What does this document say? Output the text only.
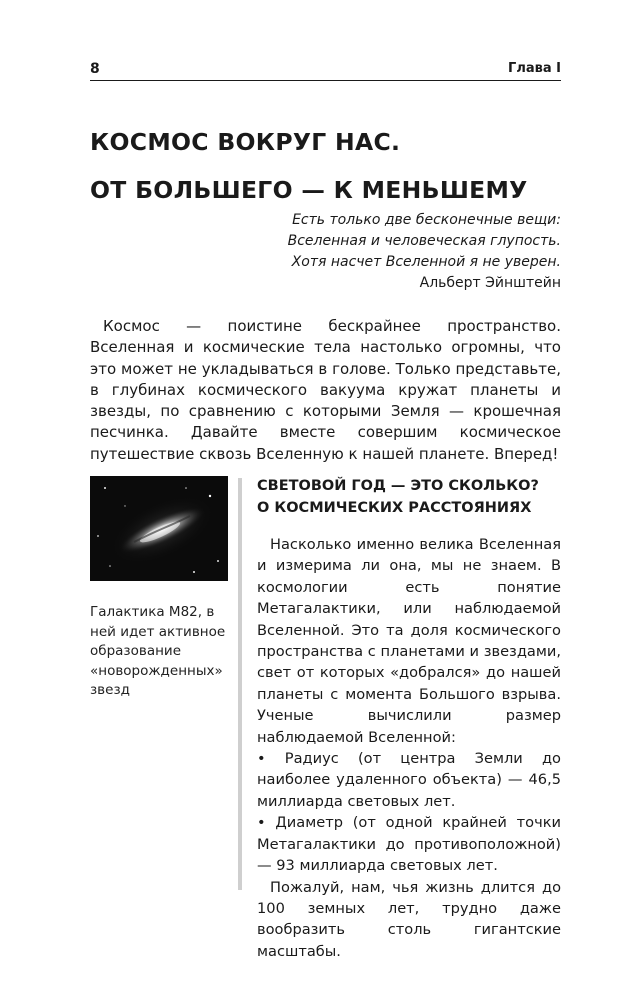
8	Глава I
КОСМОС ВОКРУГ НАС.
ОТ БОЛЬШЕГО — К МЕНЬШЕМУ
Есть только две бесконечные вещи:
Вселенная и человеческая глупость.
Хотя насчет Вселенной я не уверен.
Альберт Эйнштейн

Космос — поистине бескрайнее пространство. Вселенная и космические тела настолько огромны, что это может не укладываться в голове. Только представьте, в глубинах космического вакуума кружат планеты и звезды, по сравнению с которыми Земля — крошечная песчинка. Давайте вместе совершим космическое путешествие сквозь Вселенную к нашей планете. Вперед!

Галактика М82, в ней идет активное образование «новорожденных» звезд
СВЕТОВОЙ ГОД — ЭТО СКОЛЬКО?
О КОСМИЧЕСКИХ РАССТОЯНИЯХ

Насколько именно велика Вселенная и измерима ли она, мы не знаем. В космологии есть понятие Метагалактики, или наблюдаемой Вселенной. Это та доля космического пространства с планетами и звездами, свет от которых «добрался» до нашей планеты с момента Большого взрыва. Ученые вычислили размер наблюдаемой Вселенной:

• Радиус (от центра Земли до наиболее удаленного объекта) — 46,5 миллиарда световых лет.

• Диаметр (от одной крайней точки Метагалактики до противоположной) — 93 миллиарда световых лет.

Пожалуй, нам, чья жизнь длится до 100 земных лет, трудно даже вообразить столь гигантские масштабы.
